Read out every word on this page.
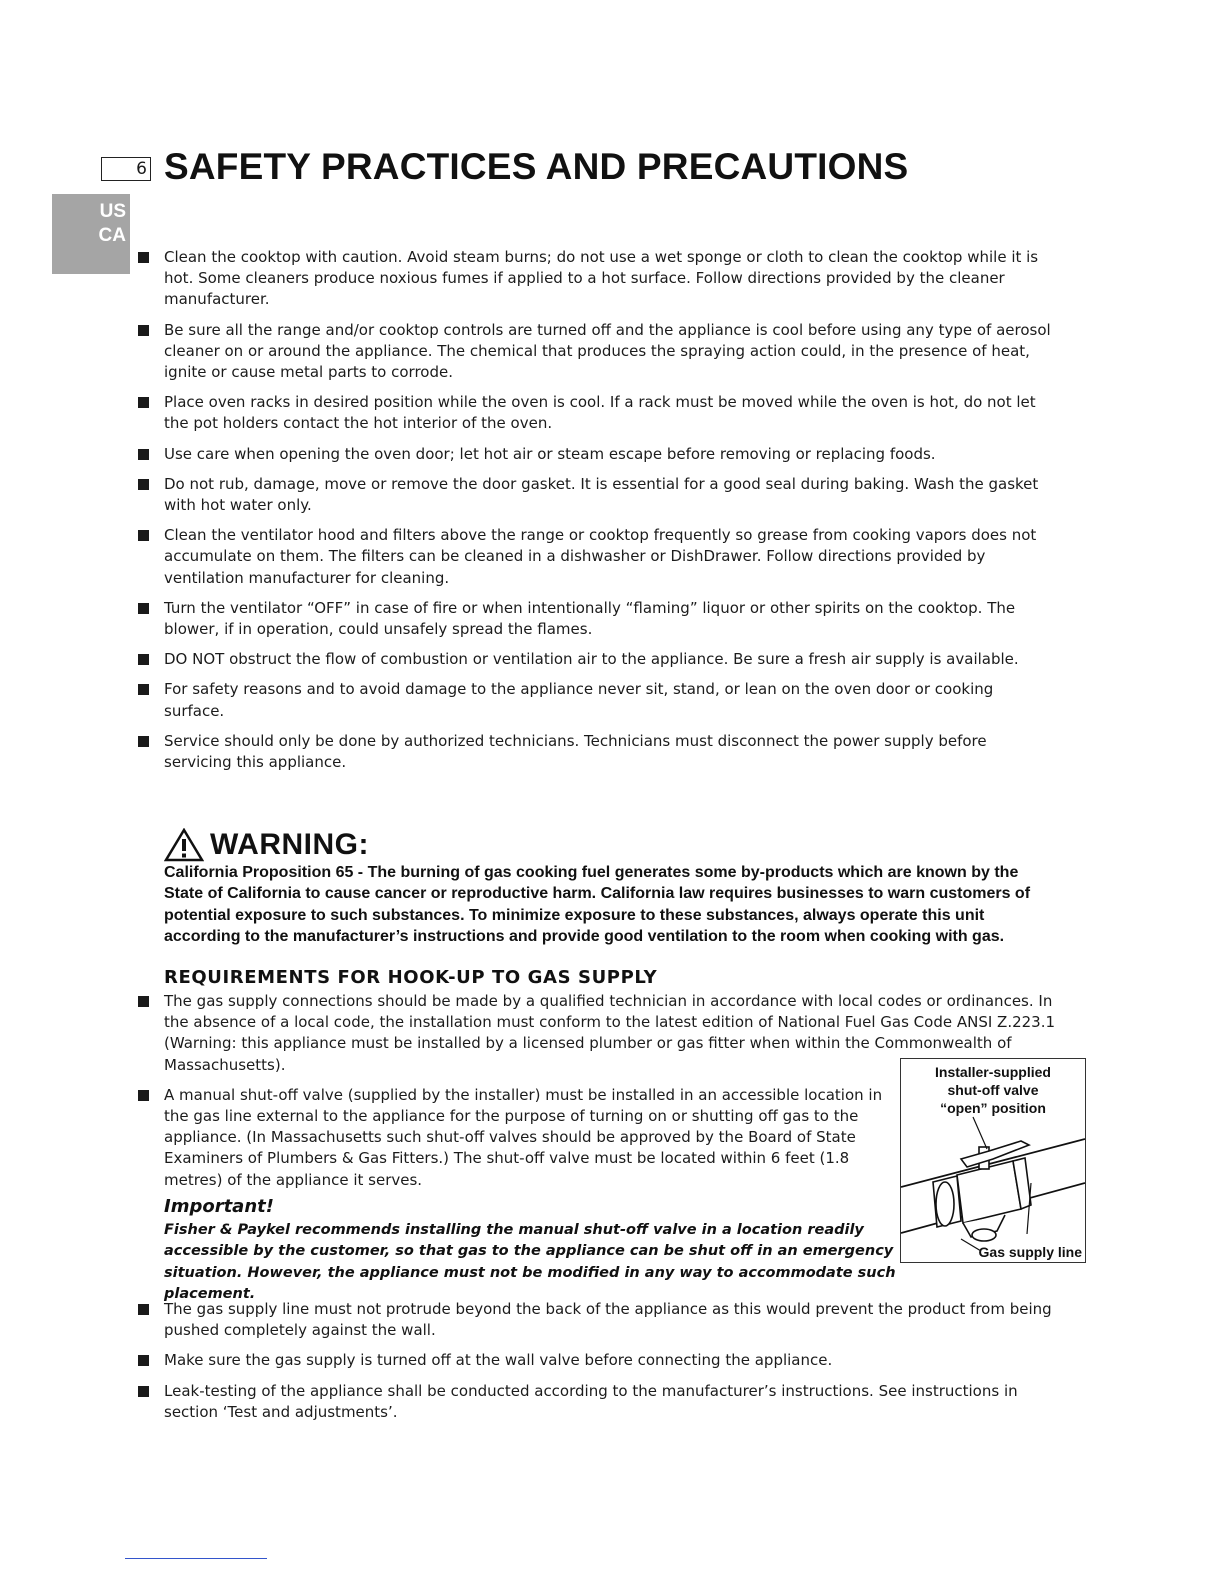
6 SAFETY PRACTICES AND PRECAUTIONS
US
CA
Clean the cooktop with caution. Avoid steam burns; do not use a wet sponge or cloth to clean the cooktop while it is hot. Some cleaners produce noxious fumes if applied to a hot surface. Follow directions provided by the cleaner manufacturer.
Be sure all the range and/or cooktop controls are turned off and the appliance is cool before using any type of aerosol cleaner on or around the appliance. The chemical that produces the spraying action could, in the presence of heat, ignite or cause metal parts to corrode.
Place oven racks in desired position while the oven is cool. If a rack must be moved while the oven is hot, do not let the pot holders contact the hot interior of the oven.
Use care when opening the oven door; let hot air or steam escape before removing or replacing foods.
Do not rub, damage, move or remove the door gasket. It is essential for a good seal during baking. Wash the gasket with hot water only.
Clean the ventilator hood and filters above the range or cooktop frequently so grease from cooking vapors does not accumulate on them. The filters can be cleaned in a dishwasher or DishDrawer. Follow directions provided by ventilation manufacturer for cleaning.
Turn the ventilator “OFF” in case of fire or when intentionally “flaming” liquor or other spirits on the cooktop. The blower, if in operation, could unsafely spread the flames.
DO NOT obstruct the flow of combustion or ventilation air to the appliance. Be sure a fresh air supply is available.
For safety reasons and to avoid damage to the appliance never sit, stand, or lean on the oven door or cooking surface.
Service should only be done by authorized technicians. Technicians must disconnect the power supply before servicing this appliance.
WARNING:
California Proposition 65 - The burning of gas cooking fuel generates some by-products which are known by the State of California to cause cancer or reproductive harm. California law requires businesses to warn customers of potential exposure to such substances. To minimize exposure to these substances, always operate this unit according to the manufacturer’s instructions and provide good ventilation to the room when cooking with gas.
REQUIREMENTS FOR HOOK-UP TO GAS SUPPLY
The gas supply connections should be made by a qualified technician in accordance with local codes or ordinances. In the absence of a local code, the installation must conform to the latest edition of National Fuel Gas Code ANSI Z.223.1 (Warning: this appliance must be installed by a licensed plumber or gas fitter when within the Commonwealth of Massachusetts).
A manual shut-off valve (supplied by the installer) must be installed in an accessible location in the gas line external to the appliance for the purpose of turning on or shutting off gas to the appliance. (In Massachusetts such shut-off valves should be approved by the Board of State Examiners of Plumbers & Gas Fitters.) The shut-off valve must be located within 6 feet (1.8 metres) of the appliance it serves.
Important!
Fisher & Paykel recommends installing the manual shut-off valve in a location readily
accessible by the customer, so that gas to the appliance can be shut off in an emergency
situation. However, the appliance must not be modified in any way to accommodate such placement.
The gas supply line must not protrude beyond the back of the appliance as this would prevent the product from being pushed completely against the wall.
Make sure the gas supply is turned off at the wall valve before connecting the appliance.
Leak-testing of the appliance shall be conducted according to the manufacturer’s instructions. See instructions in section ‘Test and adjustments’.
Installer-supplied
shut-off valve
“open” position
Gas supply line
